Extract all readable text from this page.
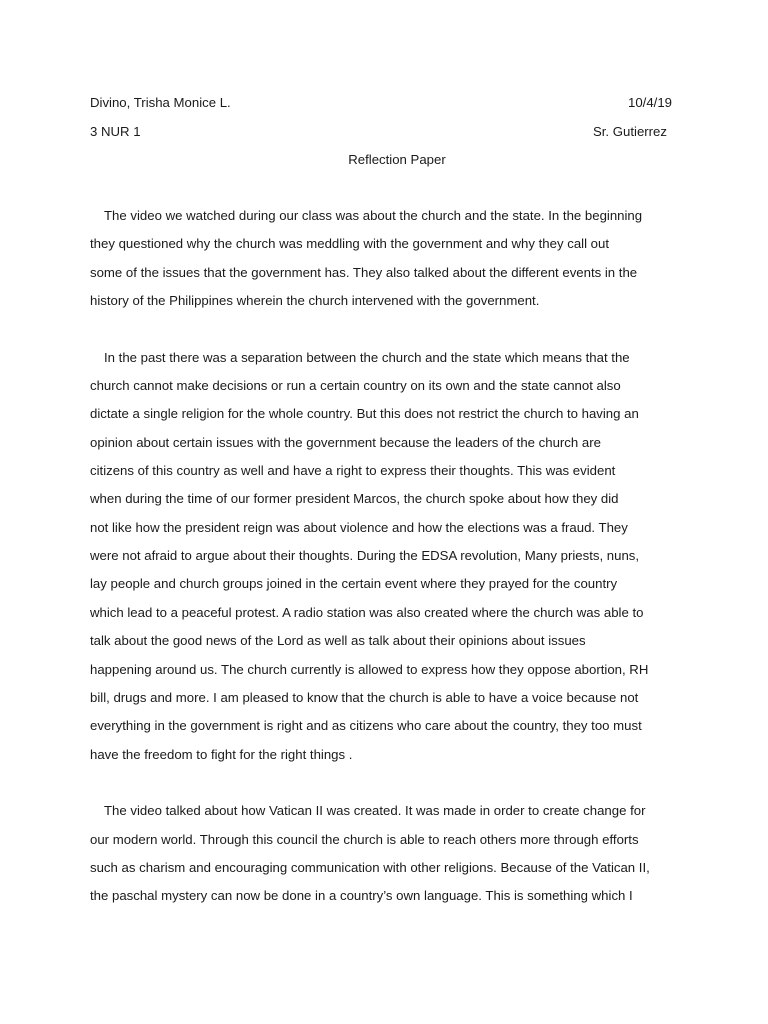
Divino, Trisha Monice L.	10/4/19
3 NUR 1	Sr. Gutierrez
Reflection Paper

The video we watched during our class was about the church and the state. In the beginning
they questioned why the church was meddling with the government and why they call out
some of the issues that the government has. They also talked about the different events in the
history of the Philippines wherein the church intervened with the government.

In the past there was a separation between the church and the state which means that the
church cannot make decisions or run a certain country on its own and the state cannot also
dictate a single religion for the whole country. But this does not restrict the church to having an
opinion about certain issues with the government because the leaders of the church are
citizens of this country as well and have a right to express their thoughts. This was evident
when during the time of our former president Marcos, the church spoke about how they did
not like how the president reign was about violence and how the elections was a fraud. They
were not afraid to argue about their thoughts. During the EDSA revolution, Many priests, nuns,
lay people and church groups joined in the certain event where they prayed for the country
which lead to a peaceful protest. A radio station was also created where the church was able to
talk about the good news of the Lord as well as talk about their opinions about issues
happening around us. The church currently is allowed to express how they oppose abortion, RH
bill, drugs and more. I am pleased to know that the church is able to have a voice because not
everything in the government is right and as citizens who care about the country, they too must
have the freedom to fight for the right things .

The video talked about how Vatican II was created. It was made in order to create change for
our modern world. Through this council the church is able to reach others more through efforts
such as charism and encouraging communication with other religions. Because of the Vatican II,
the paschal mystery can now be done in a country’s own language. This is something which I
